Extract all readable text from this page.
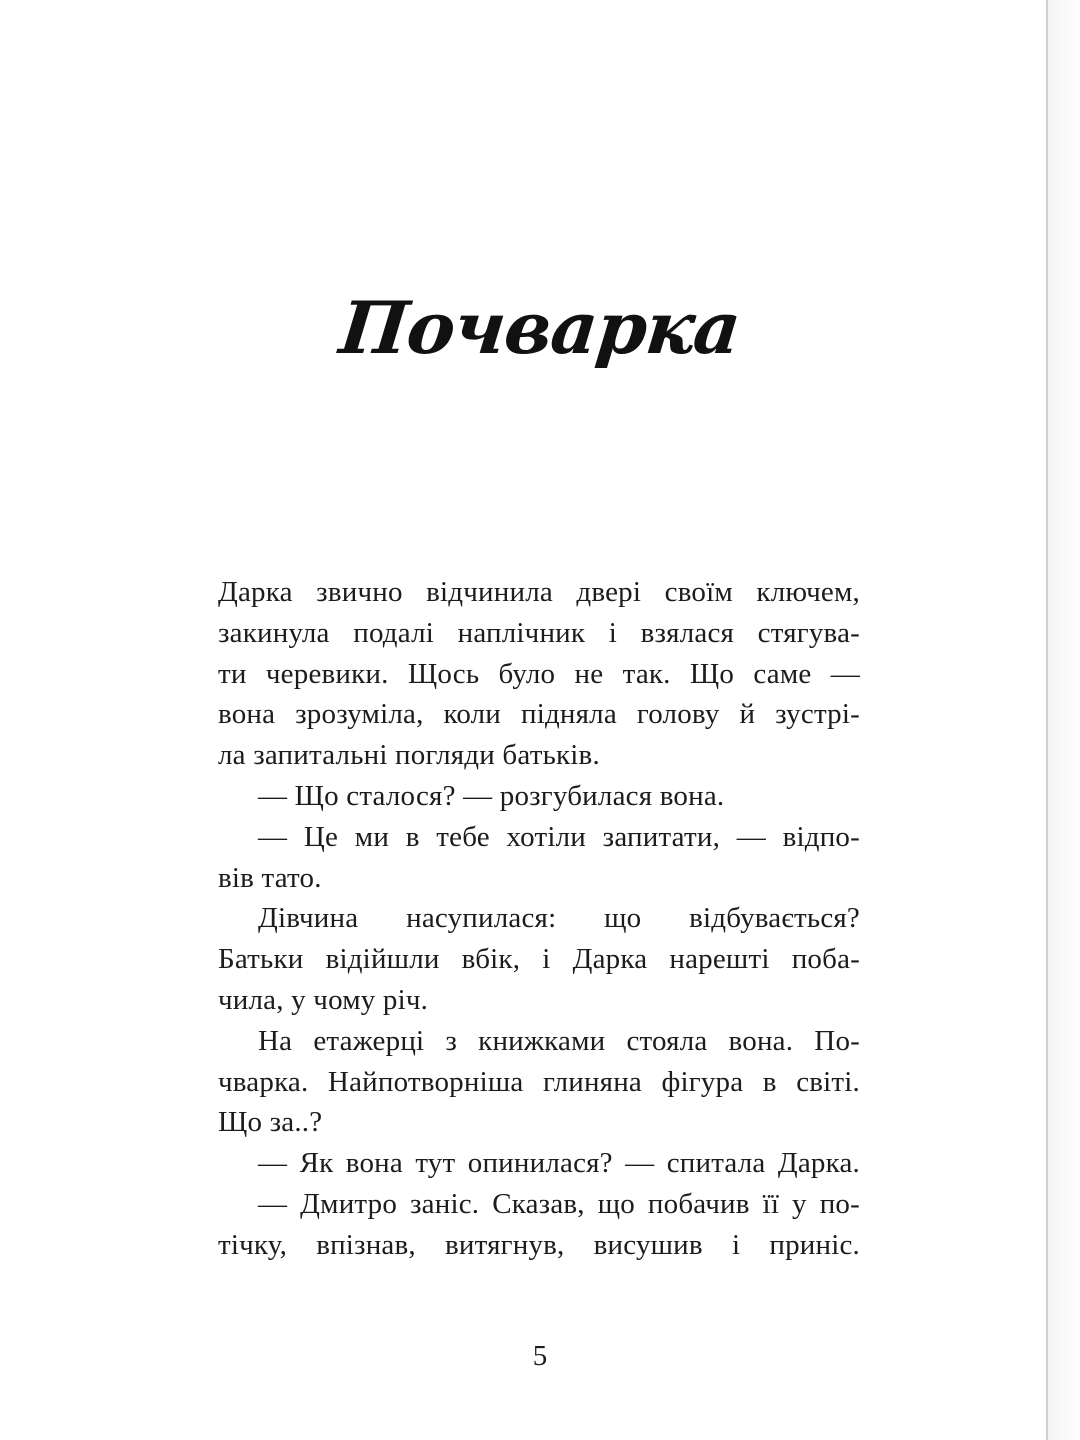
Почварка
Дарка звично відчинила двері своїм ключем,
закинула подалі наплічник і взялася стягува-
ти черевики. Щось було не так. Що саме —
вона зрозуміла, коли підняла голову й зустрі-
ла запитальні погляди батьків.
— Що сталося? — розгубилася вона.
— Це ми в тебе хотіли запитати, — відпо-
вів тато.
Дівчина насупилася: що відбувається?
Батьки відійшли вбік, і Дарка нарешті поба-
чила, у чому річ.
На етажерці з книжками стояла вона. По-
чварка. Найпотворніша глиняна фігура в світі.
Що за..?
— Як вона тут опинилася? — спитала Дарка.
— Дмитро заніс. Сказав, що побачив її у по-
тічку, впізнав, витягнув, висушив і приніс.
5
